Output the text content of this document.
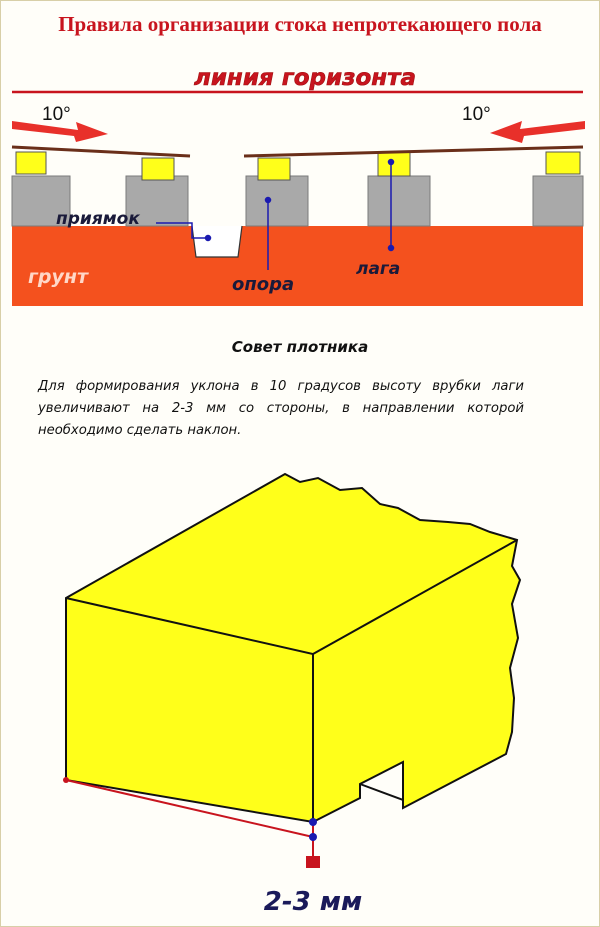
Правила организации стока непротекающего пола
линия горизонта
10°	10°
грунт
приямок
опора
лага
Совет плотника
Для формирования уклона в 10 градусов высоту врубки лаги увеличивают на 2-3 мм со стороны, в направлении которой необходимо сделать наклон.
2-3 мм
